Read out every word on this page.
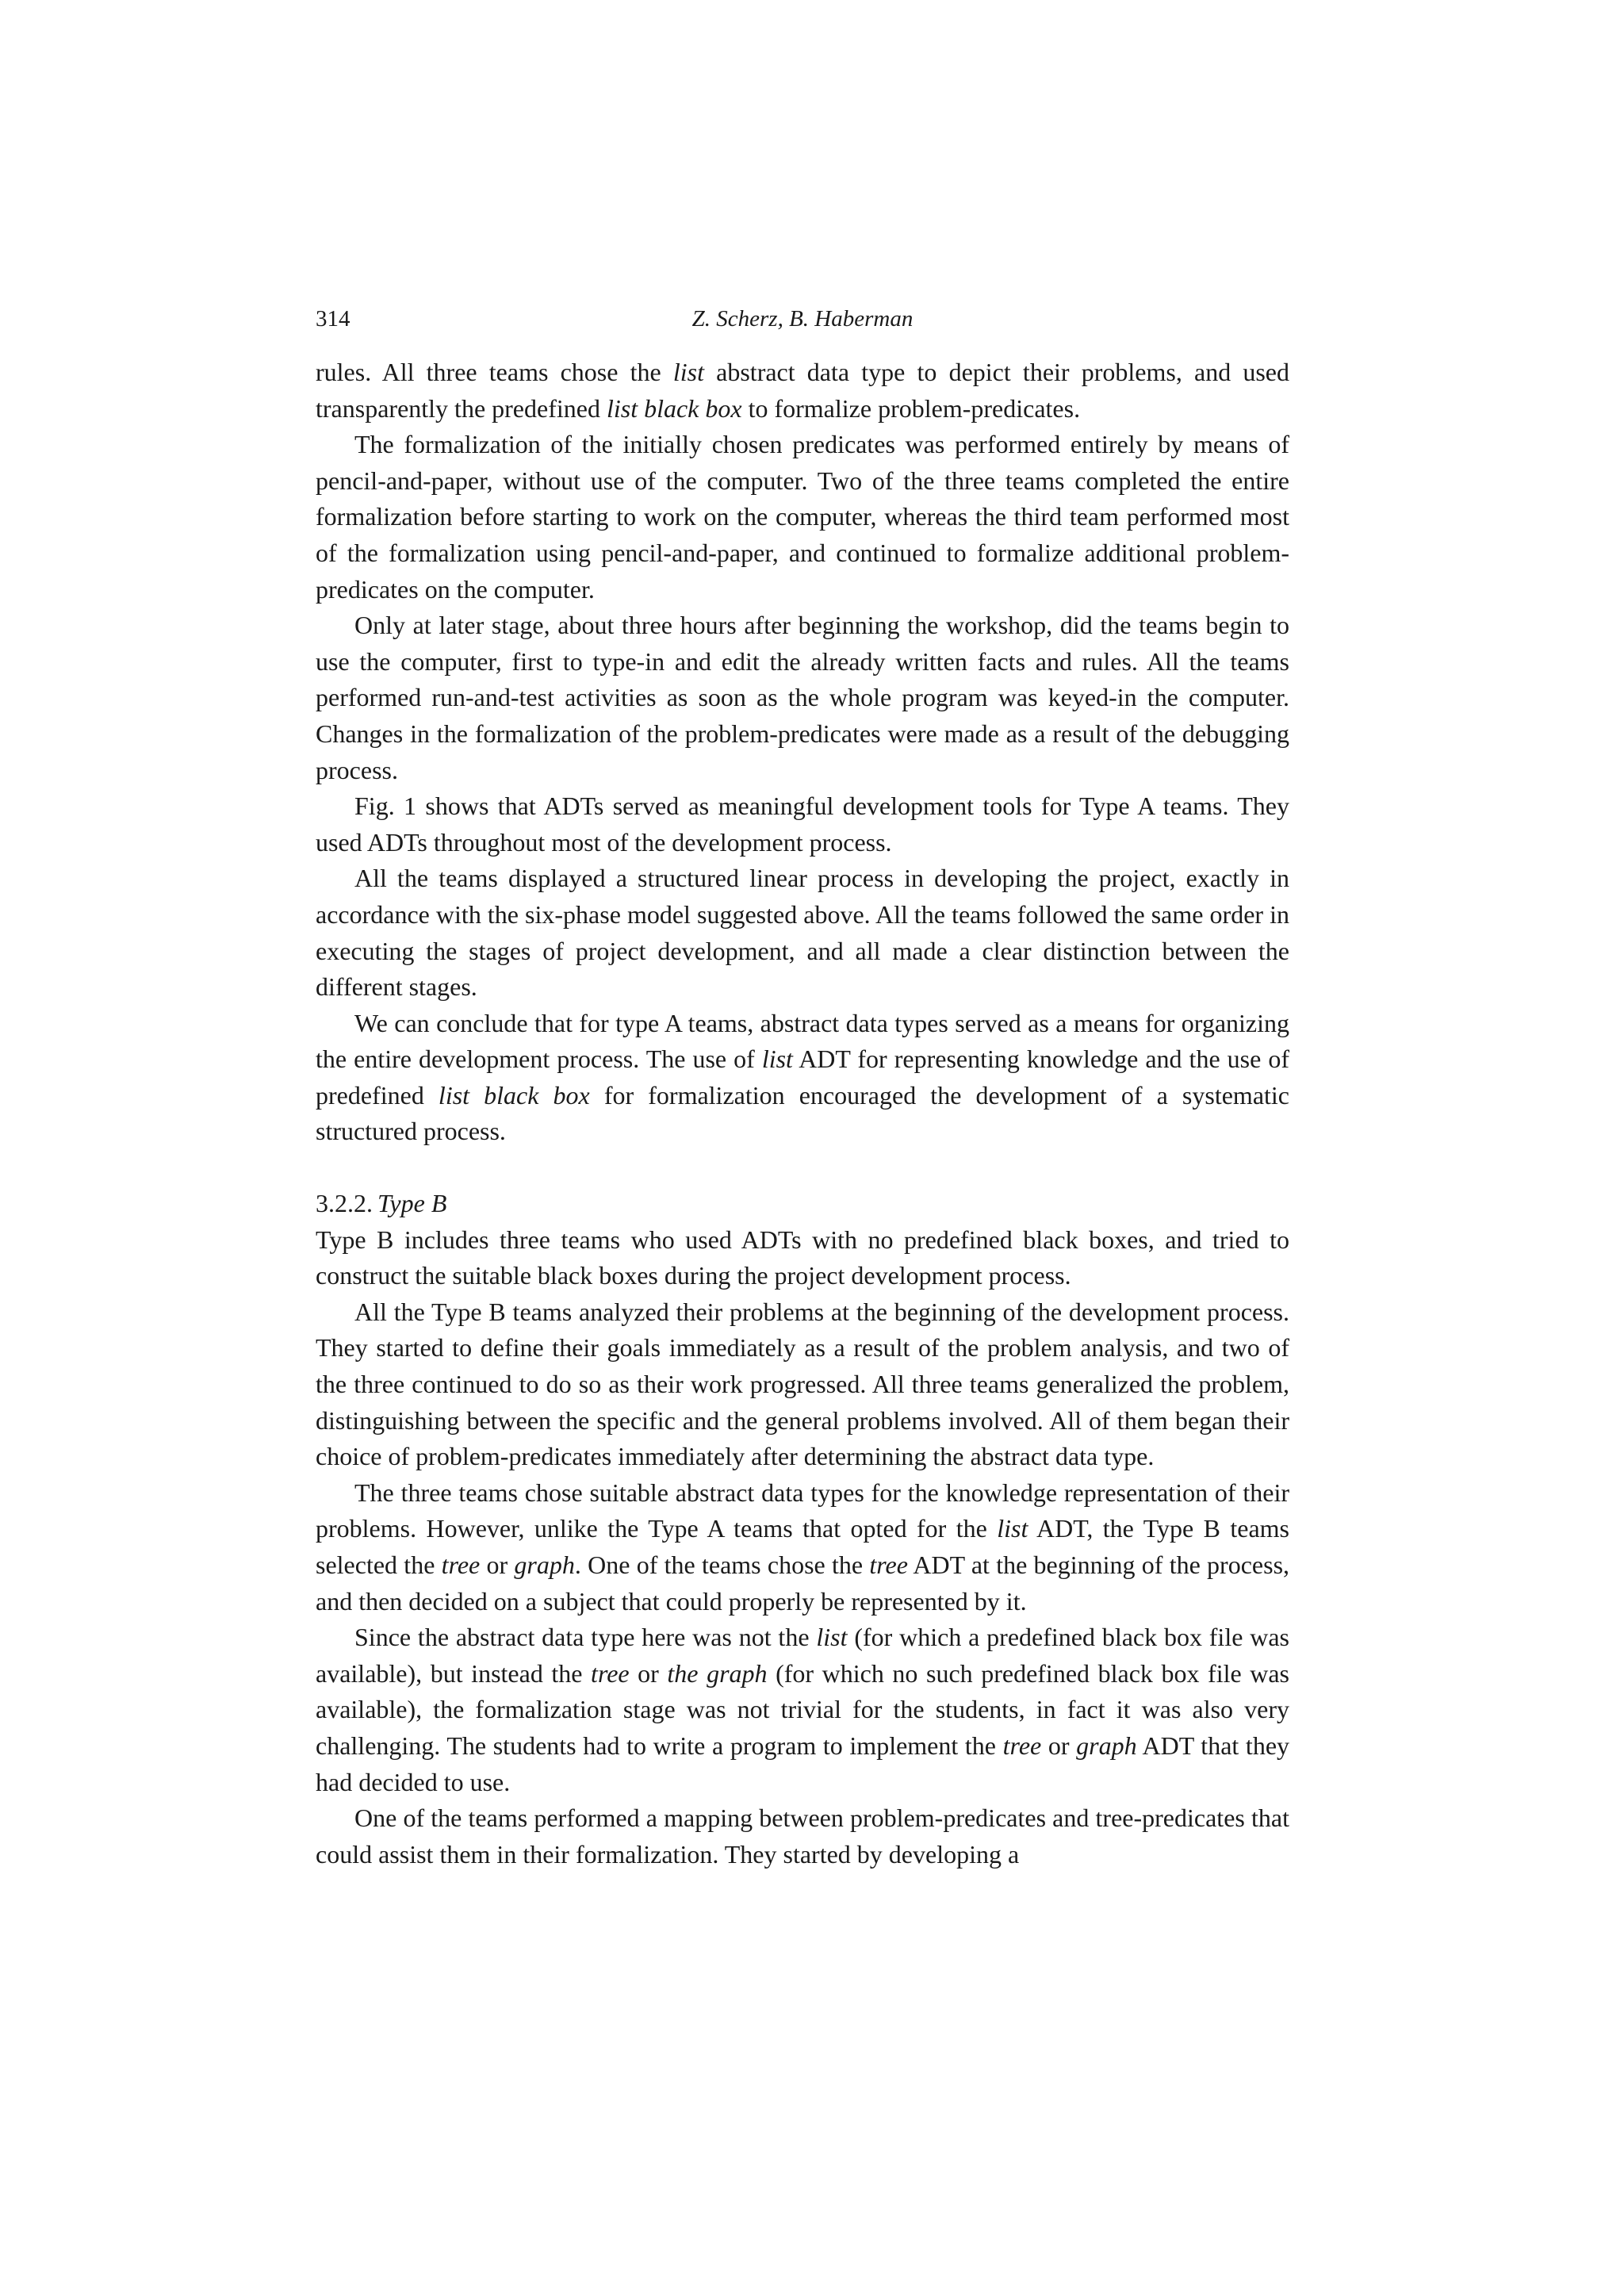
314	Z. Scherz, B. Haberman

rules. All three teams chose the list abstract data type to depict their problems, and used transparently the predefined list black box to formalize problem-predicates.

The formalization of the initially chosen predicates was performed entirely by means of pencil-and-paper, without use of the computer. Two of the three teams completed the entire formalization before starting to work on the computer, whereas the third team performed most of the formalization using pencil-and-paper, and continued to formalize additional problem-predicates on the computer.

Only at later stage, about three hours after beginning the workshop, did the teams begin to use the computer, first to type-in and edit the already written facts and rules. All the teams performed run-and-test activities as soon as the whole program was keyed-in the computer. Changes in the formalization of the problem-predicates were made as a result of the debugging process.

Fig. 1 shows that ADTs served as meaningful development tools for Type A teams. They used ADTs throughout most of the development process.

All the teams displayed a structured linear process in developing the project, exactly in accordance with the six-phase model suggested above. All the teams followed the same order in executing the stages of project development, and all made a clear distinction between the different stages.

We can conclude that for type A teams, abstract data types served as a means for organizing the entire development process. The use of list ADT for representing knowledge and the use of predefined list black box for formalization encouraged the development of a systematic structured process.

3.2.2. Type B

Type B includes three teams who used ADTs with no predefined black boxes, and tried to construct the suitable black boxes during the project development process.

All the Type B teams analyzed their problems at the beginning of the development process. They started to define their goals immediately as a result of the problem analysis, and two of the three continued to do so as their work progressed. All three teams generalized the problem, distinguishing between the specific and the general problems involved. All of them began their choice of problem-predicates immediately after determining the abstract data type.

The three teams chose suitable abstract data types for the knowledge representation of their problems. However, unlike the Type A teams that opted for the list ADT, the Type B teams selected the tree or graph. One of the teams chose the tree ADT at the beginning of the process, and then decided on a subject that could properly be represented by it.

Since the abstract data type here was not the list (for which a predefined black box file was available), but instead the tree or the graph (for which no such predefined black box file was available), the formalization stage was not trivial for the students, in fact it was also very challenging. The students had to write a program to implement the tree or graph ADT that they had decided to use.

One of the teams performed a mapping between problem-predicates and tree-predicates that could assist them in their formalization. They started by developing a
